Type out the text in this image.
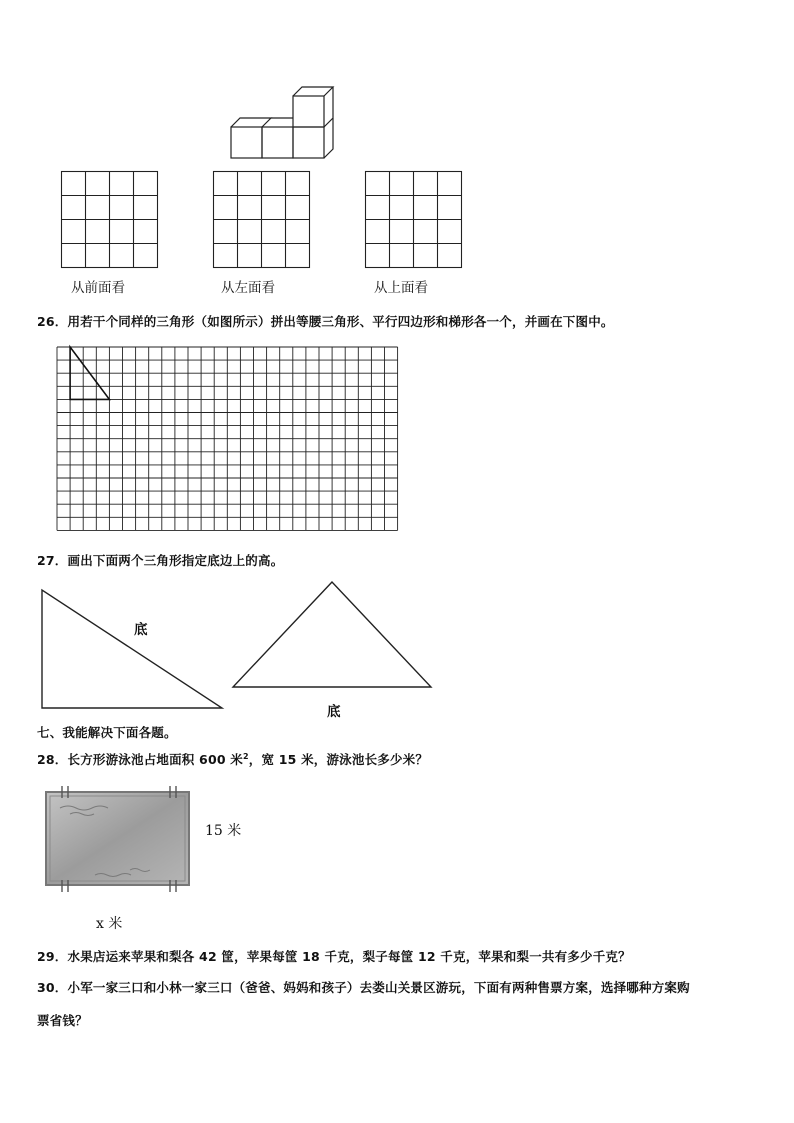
从前面看	从左面看	从上面看
26．用若干个同样的三角形（如图所示）拼出等腰三角形、平行四边形和梯形各一个，并画在下图中。
27．画出下面两个三角形指定底边上的高。
底
底
七、我能解决下面各题。
28．长方形游泳池占地面积 600 米$^2$，宽 15 米，游泳池长多少米？
15 米
x 米
29．水果店运来苹果和梨各 42 筐，苹果每筐 18 千克，梨子每筐 12 千克，苹果和梨一共有多少千克？
30．小军一家三口和小林一家三口（爸爸、妈妈和孩子）去娄山关景区游玩，下面有两种售票方案，选择哪种方案购
票省钱？
